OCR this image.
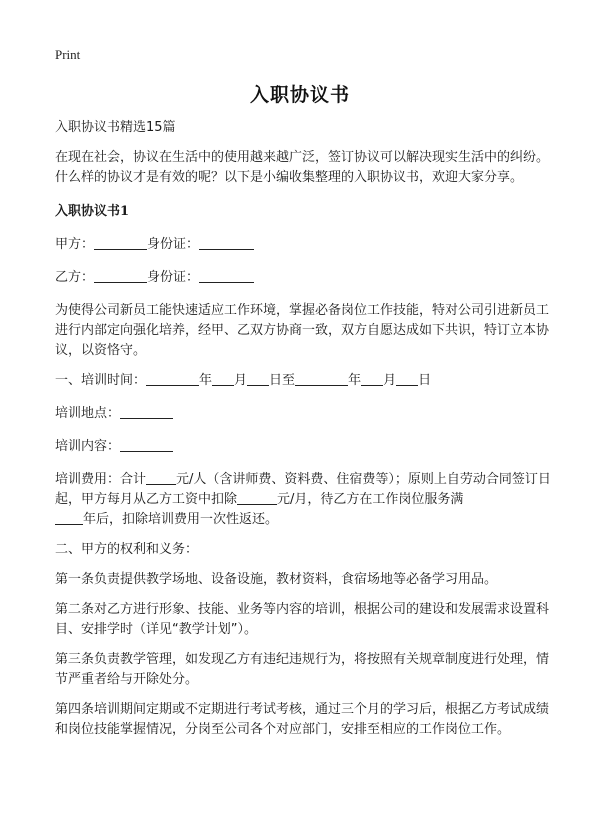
Print
入职协议书

入职协议书精选15篇

在现在社会，协议在生活中的使用越来越广泛，签订协议可以解决现实生活中的纠纷。什么样的协议才是有效的呢？以下是小编收集整理的入职协议书，欢迎大家分享。

入职协议书1

甲方：	身份证：

乙方：	身份证：

为使得公司新员工能快速适应工作环境，掌握必备岗位工作技能，特对公司引进新员工进行内部定向强化培养，经甲、乙双方协商一致，双方自愿达成如下共识，特订立本协议，以资恪守。

一、培训时间：	年 月 日至	年 月 日

培训地点：

培训内容：

培训费用：合计 元/人（含讲师费、资料费、住宿费等）；原则上自劳动合同签订日起，甲方每月从乙方工资中扣除	元/月，待乙方在工作岗位服务满
年后，扣除培训费用一次性返还。

二、甲方的权利和义务：

第一条负责提供教学场地、设备设施，教材资料，食宿场地等必备学习用品。

第二条对乙方进行形象、技能、业务等内容的培训，根据公司的建设和发展需求设置科目、安排学时（详见“教学计划”）。

第三条负责教学管理，如发现乙方有违纪违规行为，将按照有关规章制度进行处理，情节严重者给与开除处分。

第四条培训期间定期或不定期进行考试考核，通过三个月的学习后，根据乙方考试成绩和岗位技能掌握情况，分岗至公司各个对应部门，安排至相应的工作岗位工作。
